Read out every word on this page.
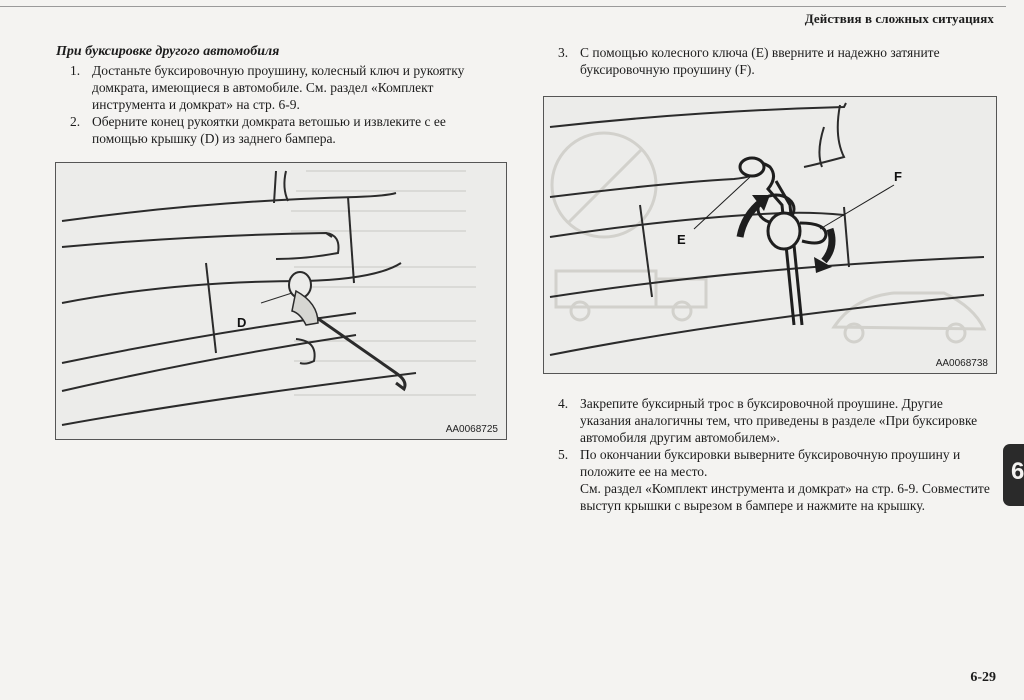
Действия в сложных ситуациях
При буксировке другого автомобиля
1. Достаньте буксировочную проушину, колесный ключ и рукоятку домкрата, имеющиеся в автомобиле. См. раздел «Комплект инструмента и домкрат» на стр. 6-9.
2. Оберните конец рукоятки домкрата ветошью и извлеките с ее помощью крышку (D) из заднего бампера.
D
AA0068725
3. С помощью колесного ключа (E) вверните и надежно затяните буксировочную проушину (F).
E
F
AA0068738
4. Закрепите буксирный трос в буксировочной проушине. Другие указания аналогичны тем, что приведены в разделе «При буксировке автомобиля другим автомобилем».
5. По окончании буксировки выверните буксировочную проушину и положите ее на место.
См. раздел «Комплект инструмента и домкрат» на стр. 6-9. Совместите выступ крышки с вырезом в бампере и нажмите на крышку.
6
6-29
